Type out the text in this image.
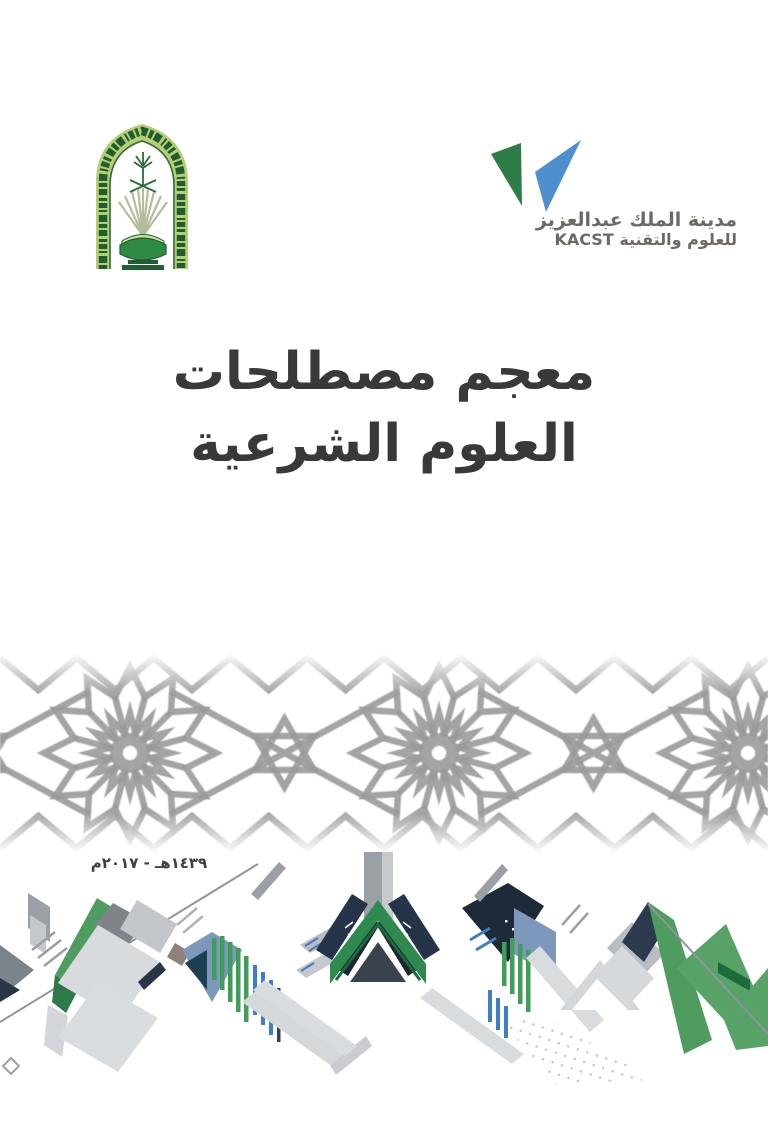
مدينة الملك عبدالعزيز
للعلوم والتقنية KACST
معجم مصطلحات
العلوم الشرعية
١٤٣٩هـ - ٢٠١٧م
